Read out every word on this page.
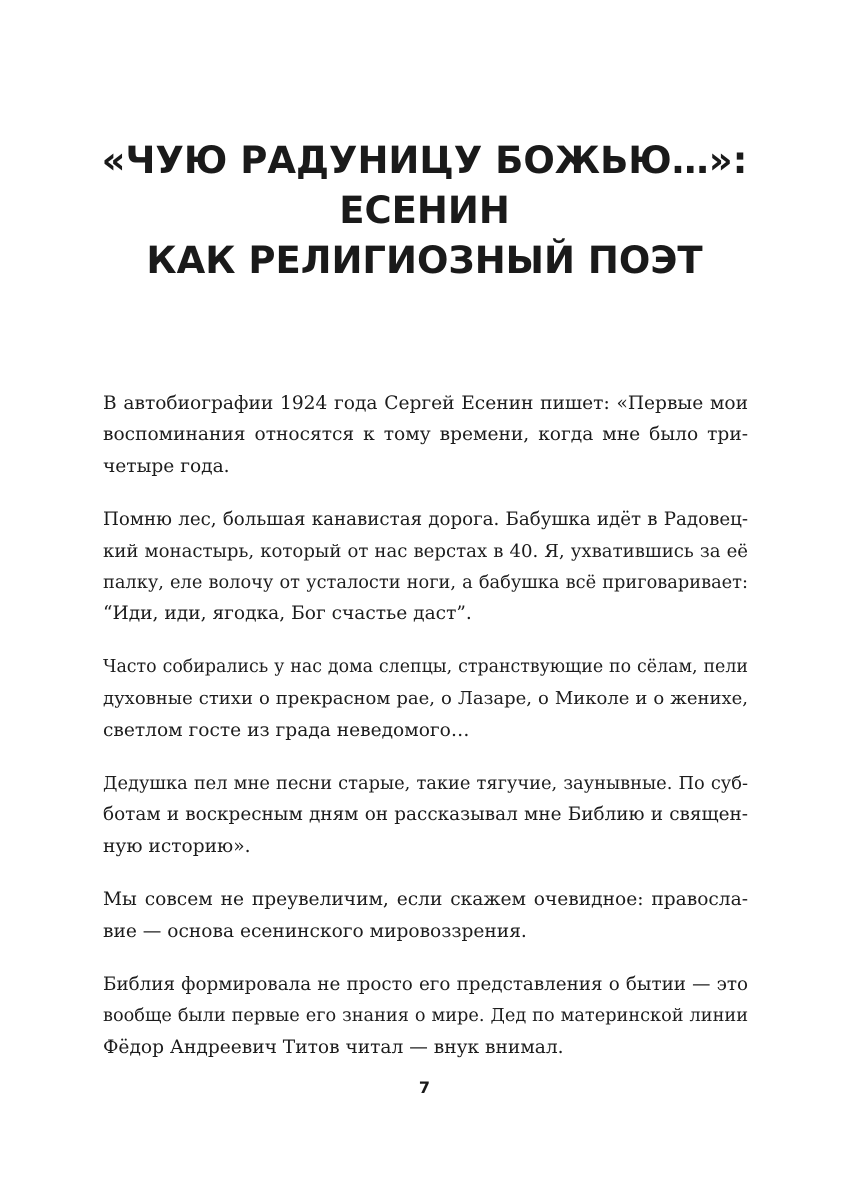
«ЧУЮ РАДУНИЦУ БОЖЬЮ…»:
ЕСЕНИН
КАК РЕЛИГИОЗНЫЙ ПОЭТ
В автобиографии 1924 года Сергей Есенин пишет: «Первые мои
воспоминания относятся к тому времени, когда мне было три-
четыре года.
Помню лес, большая канавистая дорога. Бабушка идёт в Радовец-
кий монастырь, который от нас верстах в 40. Я, ухватившись за её
палку, еле волочу от усталости ноги, а бабушка всё приговаривает:
“Иди, иди, ягодка, Бог счастье даст”.
Часто собирались у нас дома слепцы, странствующие по сёлам, пели
духовные стихи о прекрасном рае, о Лазаре, о Миколе и о женихе,
светлом госте из града неведомого…
Дедушка пел мне песни старые, такие тягучие, заунывные. По суб-
ботам и воскресным дням он рассказывал мне Библию и священ-
ную историю».
Мы совсем не преувеличим, если скажем очевидное: правосла-
вие — основа есенинского мировоззрения.
Библия формировала не просто его представления о бытии — это
вообще были первые его знания о мире. Дед по материнской линии
Фёдор Андреевич Титов читал — внук внимал.
7
